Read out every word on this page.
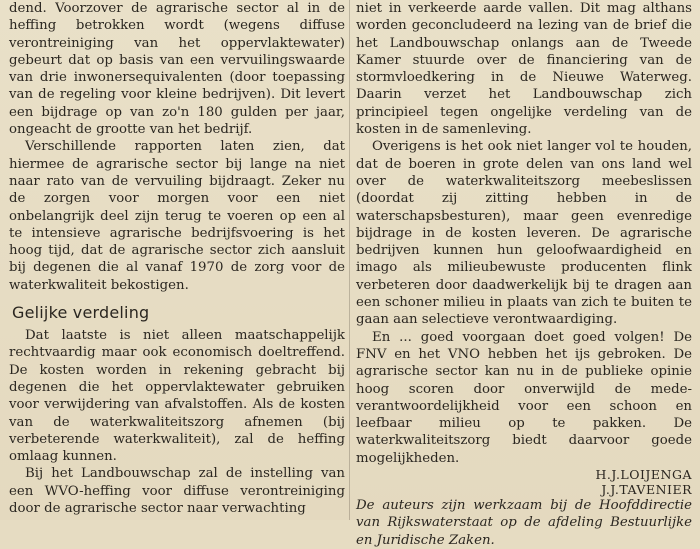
dend. Voorzover de agrarische sector al in de heffing betrokken wordt (wegens diffuse verontreiniging van het oppervlaktewater) gebeurt dat op basis van een vervuilingswaarde van drie inwonersequivalenten (door toepassing van de regeling voor kleine bedrijven). Dit levert een bijdrage op van zo'n 180 gulden per jaar, ongeacht de grootte van het bedrijf.

Verschillende rapporten laten zien, dat hiermee de agrarische sector bij lange na niet naar rato van de vervuiling bijdraagt. Zeker nu de zorgen voor morgen voor een niet onbelangrijk deel zijn terug te voeren op een al te intensieve agrarische bedrijfsvoering is het hoog tijd, dat de agrarische sector zich aansluit bij degenen die al vanaf 1970 de zorg voor de waterkwaliteit bekostigen.

Gelijke verdeling

Dat laatste is niet alleen maatschappelijk rechtvaardig maar ook economisch doeltreffend. De kosten worden in rekening gebracht bij degenen die het oppervlaktewater gebruiken voor verwijdering van afvalstoffen. Als de kosten van de waterkwaliteitszorg afnemen (bij verbeterende waterkwaliteit), zal de heffing omlaag kunnen.

Bij het Landbouwschap zal de instelling van een WVO-heffing voor diffuse verontreiniging door de agrarische sector naar verwachting

niet in verkeerde aarde vallen. Dit mag althans worden geconcludeerd na lezing van de brief die het Landbouwschap onlangs aan de Tweede Kamer stuurde over de financiering van de stormvloedkering in de Nieuwe Waterweg. Daarin verzet het Landbouwschap zich principieel tegen ongelijke verdeling van de kosten in de samenleving.

Overigens is het ook niet langer vol te houden, dat de boeren in grote delen van ons land wel over de waterkwaliteitszorg meebeslissen (doordat zij zitting hebben in de waterschapsbesturen), maar geen evenredige bijdrage in de kosten leveren. De agrarische bedrijven kunnen hun geloofwaardigheid en imago als milieubewuste producenten flink verbeteren door daadwerkelijk bij te dragen aan een schoner milieu in plaats van zich te buiten te gaan aan selectieve verontwaardiging.

En ... goed voorgaan doet goed volgen! De FNV en het VNO hebben het ijs gebroken. De agrarische sector kan nu in de publieke opinie hoog scoren door onverwijld de mede-verantwoordelijkheid voor een schoon en leefbaar milieu op te pakken. De waterkwaliteitszorg biedt daarvoor goede mogelijkheden.

H.J.LOIJENGA
J.J.TAVENIER

De auteurs zijn werkzaam bij de Hoofddirectie van Rijkswaterstaat op de afdeling Bestuurlijke en Juridische Zaken.
